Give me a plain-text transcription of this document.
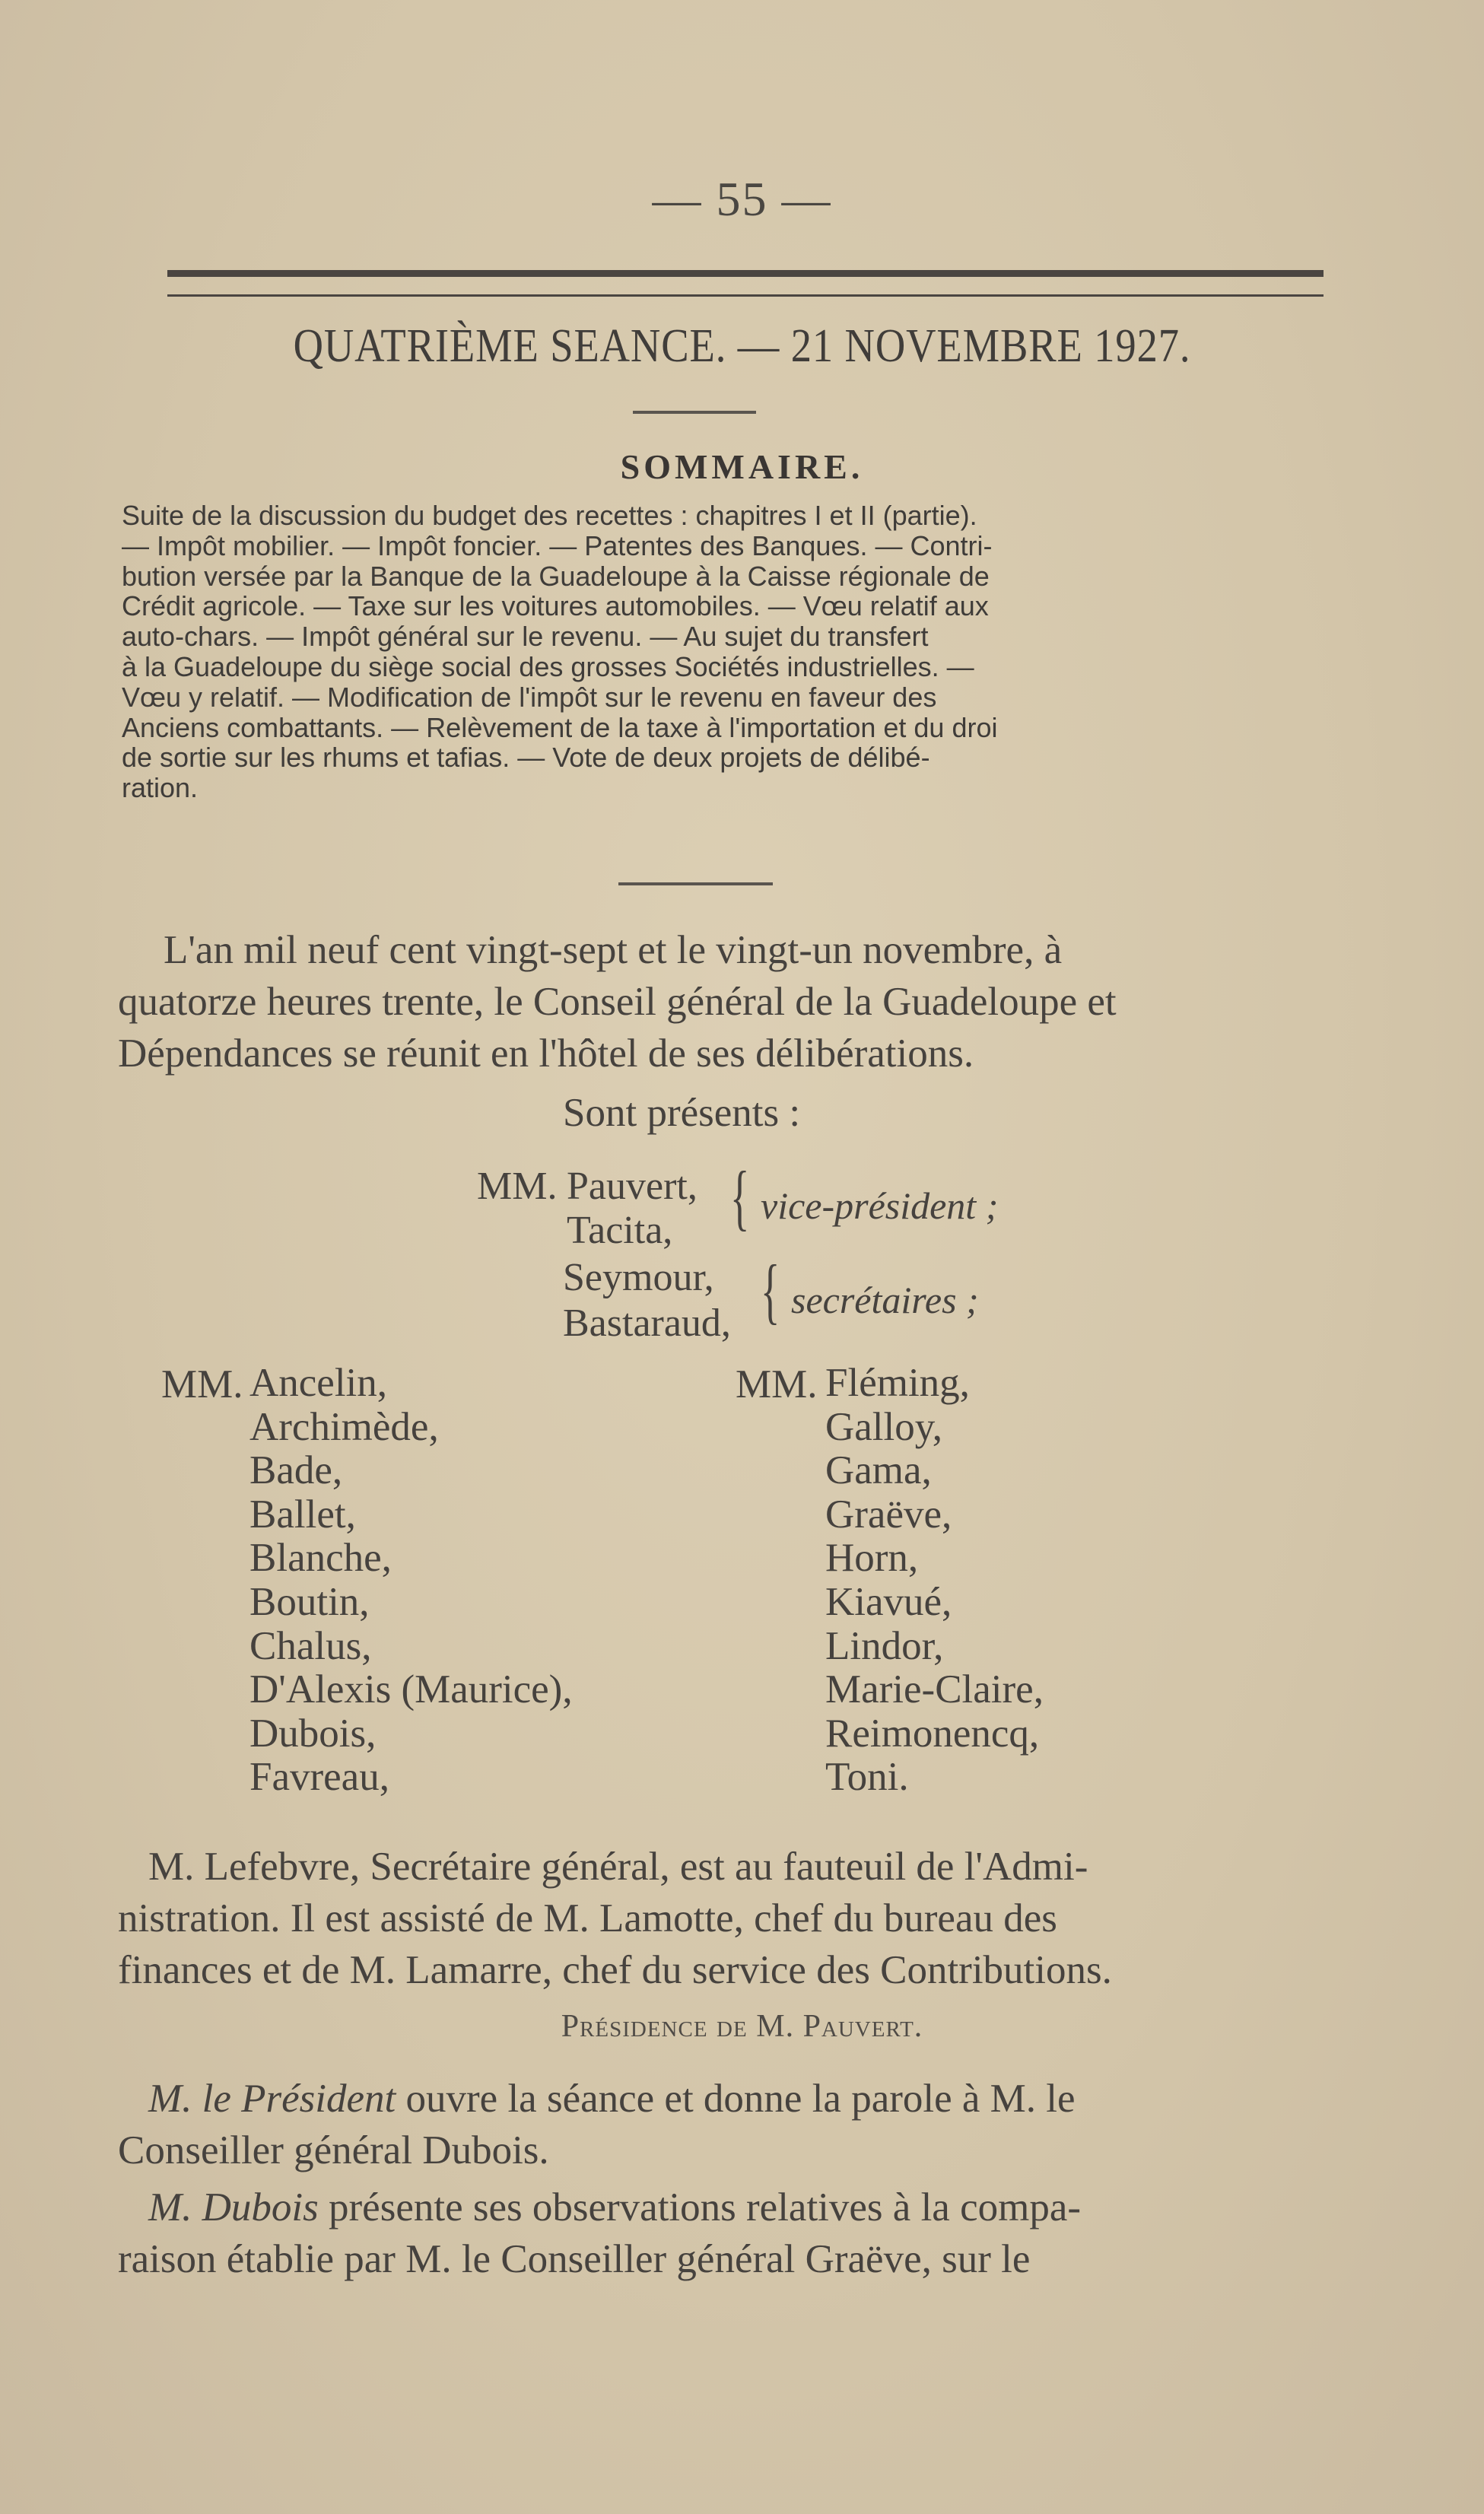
— 55 —
QUATRIÈME SEANCE. — 21 NOVEMBRE 1927.
SOMMAIRE.
Suite de la discussion du budget des recettes : chapitres I et II (partie).
— Impôt mobilier. — Impôt foncier. — Patentes des Banques. — Contri-
bution versée par la Banque de la Guadeloupe à la Caisse régionale de
Crédit agricole. — Taxe sur les voitures automobiles. — Vœu relatif aux
auto-chars. — Impôt général sur le revenu. — Au sujet du transfert
à la Guadeloupe du siège social des grosses Sociétés industrielles. —
Vœu y relatif. — Modification de l'impôt sur le revenu en faveur des
Anciens combattants. — Relèvement de la taxe à l'importation et du droi
de sortie sur les rhums et tafias. — Vote de deux projets de délibé-
ration.
L'an mil neuf cent vingt-sept et le vingt-un novembre, à
quatorze heures trente, le Conseil général de la Guadeloupe et
Dépendances se réunit en l'hôtel de ses délibérations.
Sont présents :
MM. Pauvert,
Tacita, { vice-président ;
Seymour,
Bastaraud, { secrétaires ;
MM. Ancelin,
Archimède,
Bade,
Ballet,
Blanche,
Boutin,
Chalus,
D'Alexis (Maurice),
Dubois,
Favreau,
MM. Fléming,
Galloy,
Gama,
Graëve,
Horn,
Kiavué,
Lindor,
Marie-Claire,
Reimonencq,
Toni.
M. Lefebvre, Secrétaire général, est au fauteuil de l'Admi-
nistration. Il est assisté de M. Lamotte, chef du bureau des
finances et de M. Lamarre, chef du service des Contributions.
Présidence de M. Pauvert.
M. le Président ouvre la séance et donne la parole à M. le
Conseiller général Dubois.
M. Dubois présente ses observations relatives à la compa-
raison établie par M. le Conseiller général Graëve, sur le
